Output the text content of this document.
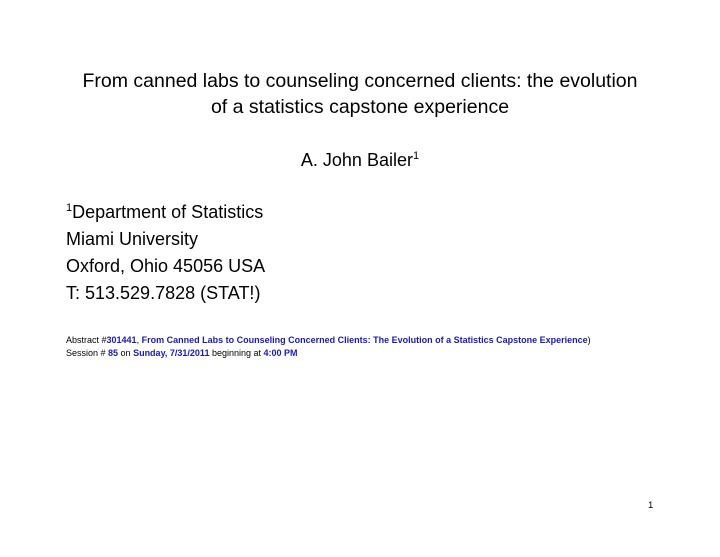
From canned labs to counseling concerned clients: the evolution
of a statistics capstone experience
A. John Bailer$^1$
$^1$Department of Statistics
Miami University
Oxford, Ohio 45056 USA
T: 513.529.7828 (STAT!)
Abstract #301441, From Canned Labs to Counseling Concerned Clients: The Evolution of a Statistics Capstone Experience)
Session # 85 on Sunday, 7/31/2011 beginning at 4:00 PM
1
